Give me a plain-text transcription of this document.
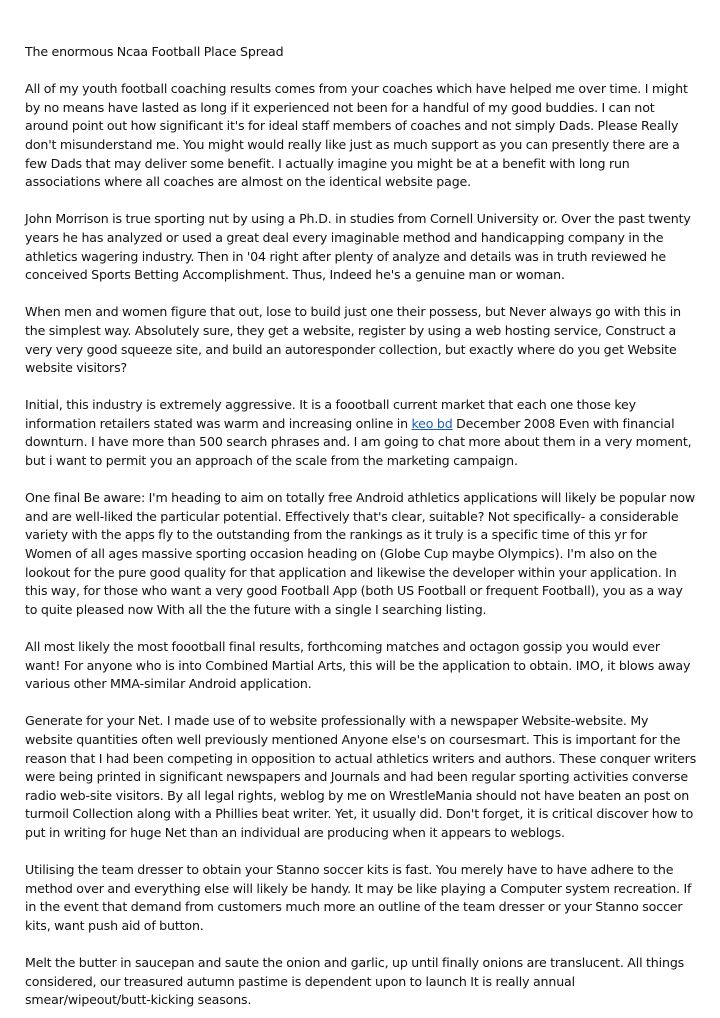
The enormous Ncaa Football Place Spread

All of my youth football coaching results comes from your coaches which have helped me over time. I might by no means have lasted as long if it experienced not been for a handful of my good buddies. I can not around point out how significant it's for ideal staff members of coaches and not simply Dads. Please Really don't misunderstand me. You might would really like just as much support as you can presently there are a few Dads that may deliver some benefit. I actually imagine you might be at a benefit with long run associations where all coaches are almost on the identical website page.

John Morrison is true sporting nut by using a Ph.D. in studies from Cornell University or. Over the past twenty years he has analyzed or used a great deal every imaginable method and handicapping company in the athletics wagering industry. Then in '04 right after plenty of analyze and details was in truth reviewed he conceived Sports Betting Accomplishment. Thus, Indeed he's a genuine man or woman.

When men and women figure that out, lose to build just one their possess, but Never always go with this in the simplest way. Absolutely sure, they get a website, register by using a web hosting service, Construct a very very good squeeze site, and build an autoresponder collection, but exactly where do you get Website website visitors?

Initial, this industry is extremely aggressive. It is a foootball current market that each one those key information retailers stated was warm and increasing online in keo bd December 2008 Even with financial downturn. I have more than 500 search phrases and. I am going to chat more about them in a very moment, but i want to permit you an approach of the scale from the marketing campaign.

One final Be aware: I'm heading to aim on totally free Android athletics applications will likely be popular now and are well-liked the particular potential. Effectively that's clear, suitable? Not specifically- a considerable variety with the apps fly to the outstanding from the rankings as it truly is a specific time of this yr for Women of all ages massive sporting occasion heading on (Globe Cup maybe Olympics). I'm also on the lookout for the pure good quality for that application and likewise the developer within your application. In this way, for those who want a very good Football App (both US Football or frequent Football), you as a way to quite pleased now With all the the future with a single I searching listing.

All most likely the most foootball final results, forthcoming matches and octagon gossip you would ever want! For anyone who is into Combined Martial Arts, this will be the application to obtain. IMO, it blows away various other MMA-similar Android application.

Generate for your Net. I made use of to website professionally with a newspaper Website-website. My website quantities often well previously mentioned Anyone else's on coursesmart. This is important for the reason that I had been competing in opposition to actual athletics writers and authors. These conquer writers were being printed in significant newspapers and Journals and had been regular sporting activities converse radio web-site visitors. By all legal rights, weblog by me on WrestleMania should not have beaten an post on turmoil Collection along with a Phillies beat writer. Yet, it usually did. Don't forget, it is critical discover how to put in writing for huge Net than an individual are producing when it appears to weblogs.

Utilising the team dresser to obtain your Stanno soccer kits is fast. You merely have to have adhere to the method over and everything else will likely be handy. It may be like playing a Computer system recreation. If in the event that demand from customers much more an outline of the team dresser or your Stanno soccer kits, want push aid of button.

Melt the butter in saucepan and saute the onion and garlic, up until finally onions are translucent. All things considered, our treasured autumn pastime is dependent upon to launch It is really annual smear/wipeout/butt-kicking seasons.
